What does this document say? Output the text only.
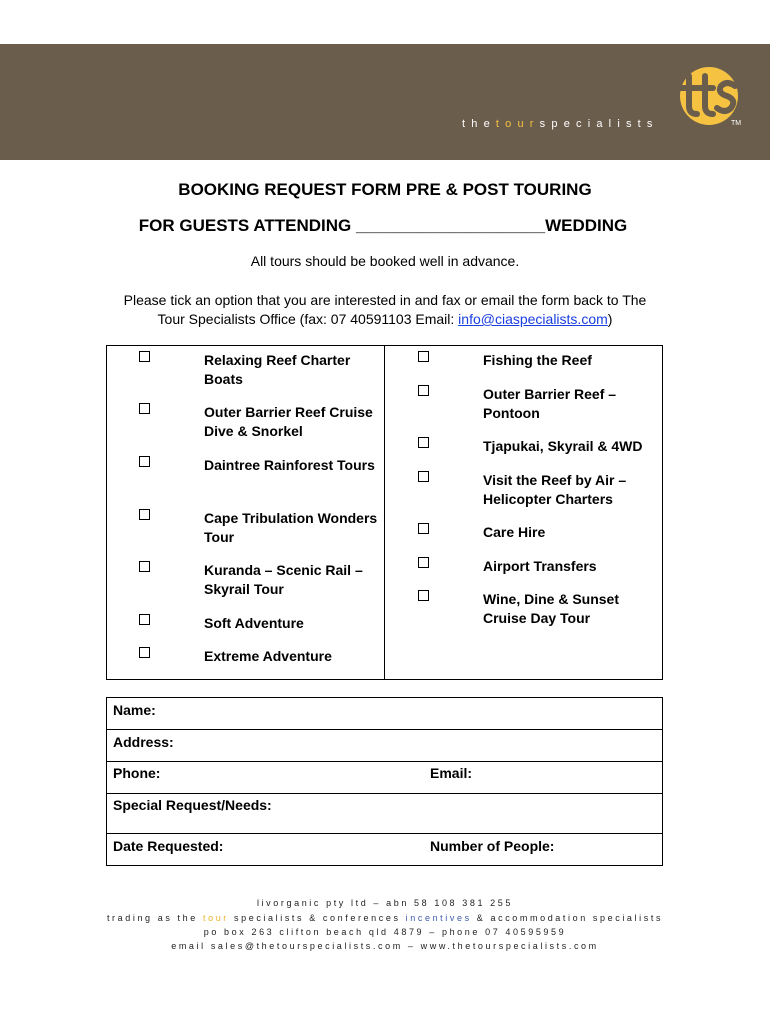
thetourspecialists	TM
BOOKING REQUEST FORM PRE & POST TOURING
FOR GUESTS ATTENDING ____________________WEDDING
All tours should be booked well in advance.
Please tick an option that you are interested in and fax or email the form back to The
Tour Specialists Office (fax: 07 40591103 Email: info@ciaspecialists.com)
Relaxing Reef Charter Boats
Outer Barrier Reef Cruise Dive & Snorkel
Daintree Rainforest Tours
Cape Tribulation Wonders Tour
Kuranda – Scenic Rail – Skyrail Tour
Soft Adventure
Extreme Adventure
Fishing the Reef
Outer Barrier Reef – Pontoon
Tjapukai, Skyrail & 4WD
Visit the Reef by Air – Helicopter Charters
Care Hire
Airport Transfers
Wine, Dine & Sunset Cruise Day Tour
Name:
Address:
Phone:	Email:
Special Request/Needs:
Date Requested:	Number of People:
livorganic pty ltd – abn 58 108 381 255
trading as the tour specialists & conferences incentives & accommodation specialists
po box 263 clifton beach qld 4879 – phone 07 40595959
email sales@thetourspecialists.com – www.thetourspecialists.com
